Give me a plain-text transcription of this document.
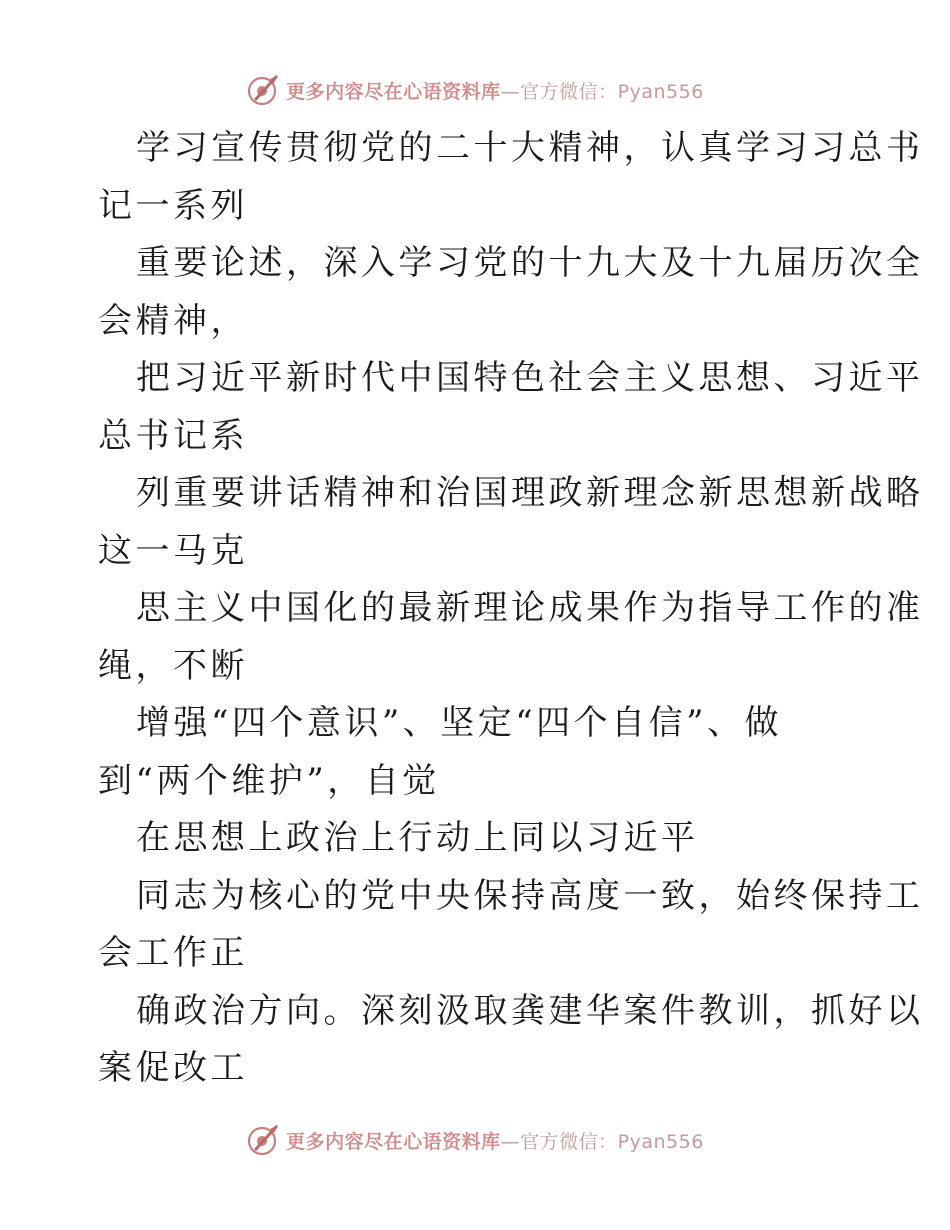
更多内容尽在心语资料库—官方微信：Pyan556

学习宣传贯彻党的二十大精神，认真学习习总书
记一系列

重要论述，深入学习党的十九大及十九届历次全
会精神，

把习近平新时代中国特色社会主义思想、习近平
总书记系

列重要讲话精神和治国理政新理念新思想新战略
这一马克

思主义中国化的最新理论成果作为指导工作的准
绳，不断

增强“四个意识”、坚定“四个自信”、做
到“两个维护”，自觉

在思想上政治上行动上同以习近平

同志为核心的党中央保持高度一致，始终保持工
会工作正

确政治方向。深刻汲取龚建华案件教训，抓好以
案促改工

更多内容尽在心语资料库—官方微信：Pyan556
